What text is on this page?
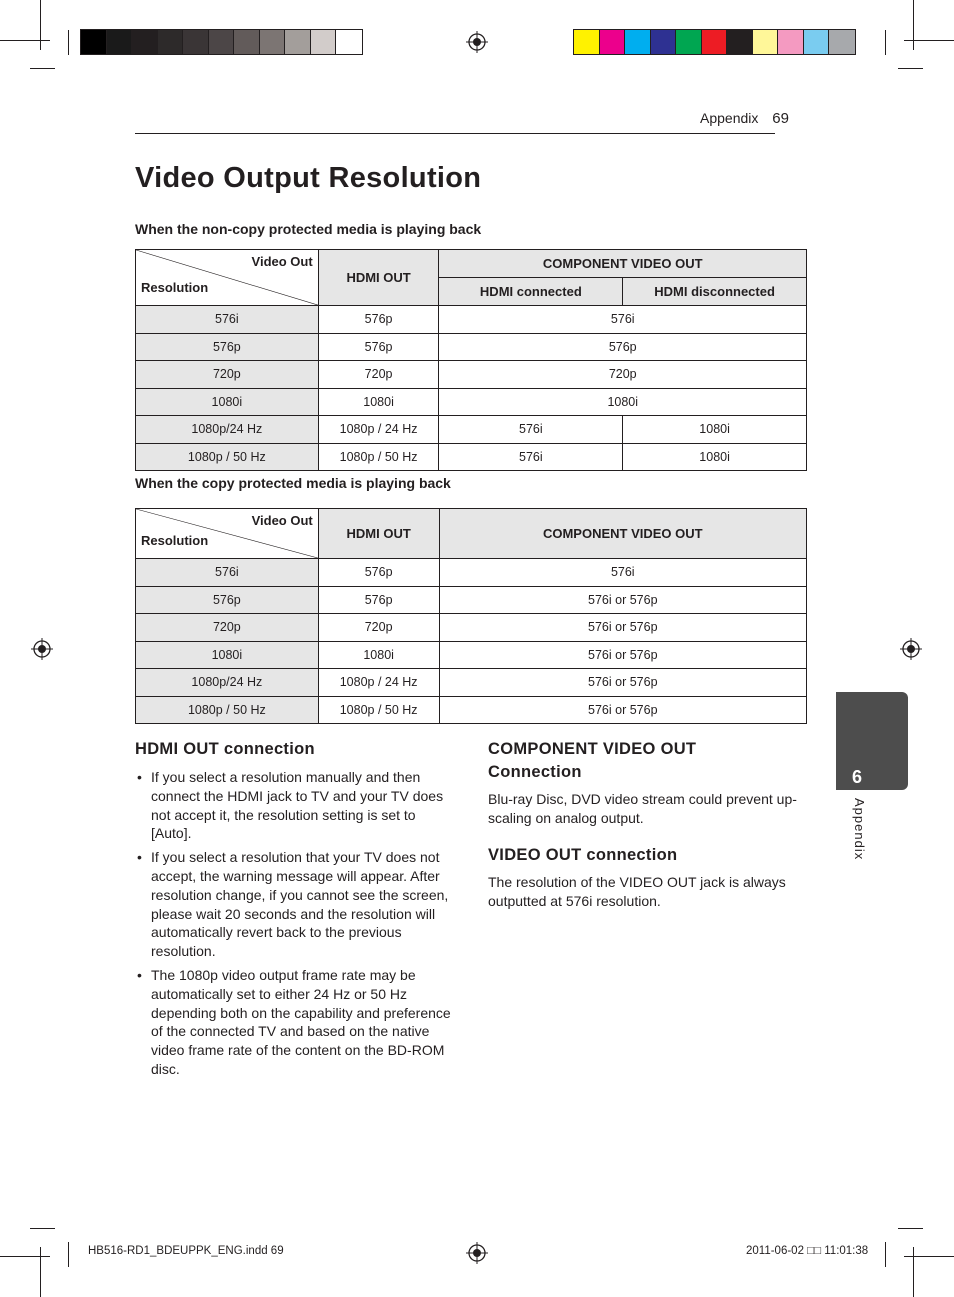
Appendix 69
Video Output Resolution
When the non-copy protected media is playing back
Video Out
Resolution	HDMI OUT	COMPONENT VIDEO OUT	
		HDMI connected	HDMI disconnected
576i	576p	576i	
576p	576p	576p	
720p	720p	720p	
1080i	1080i	1080i	
1080p/24 Hz	1080p / 24 Hz	576i	1080i
1080p / 50 Hz	1080p / 50 Hz	576i	1080i
When the copy protected media is playing back
Video Out
Resolution	HDMI OUT	COMPONENT VIDEO OUT
576i	576p	576i
576p	576p	576i or 576p
720p	720p	576i or 576p
1080i	1080i	576i or 576p
1080p/24 Hz	1080p / 24 Hz	576i or 576p
1080p / 50 Hz	1080p / 50 Hz	576i or 576p
HDMI OUT connection
• If you select a resolution manually and then connect the HDMI jack to TV and your TV does not accept it, the resolution setting is set to [Auto].
• If you select a resolution that your TV does not accept, the warning message will appear. After resolution change, if you cannot see the screen, please wait 20 seconds and the resolution will automatically revert back to the previous resolution.
• The 1080p video output frame rate may be automatically set to either 24 Hz or 50 Hz depending both on the capability and preference of the connected TV and based on the native video frame rate of the content on the BD-ROM disc.
COMPONENT VIDEO OUT
Connection
Blu-ray Disc, DVD video stream could prevent up-scaling on analog output.
VIDEO OUT connection
The resolution of the VIDEO OUT jack is always outputted at 576i resolution.
6
Appendix
HB516-RD1_BDEUPPK_ENG.indd 69	2011-06-02 □□ 11:01:38
